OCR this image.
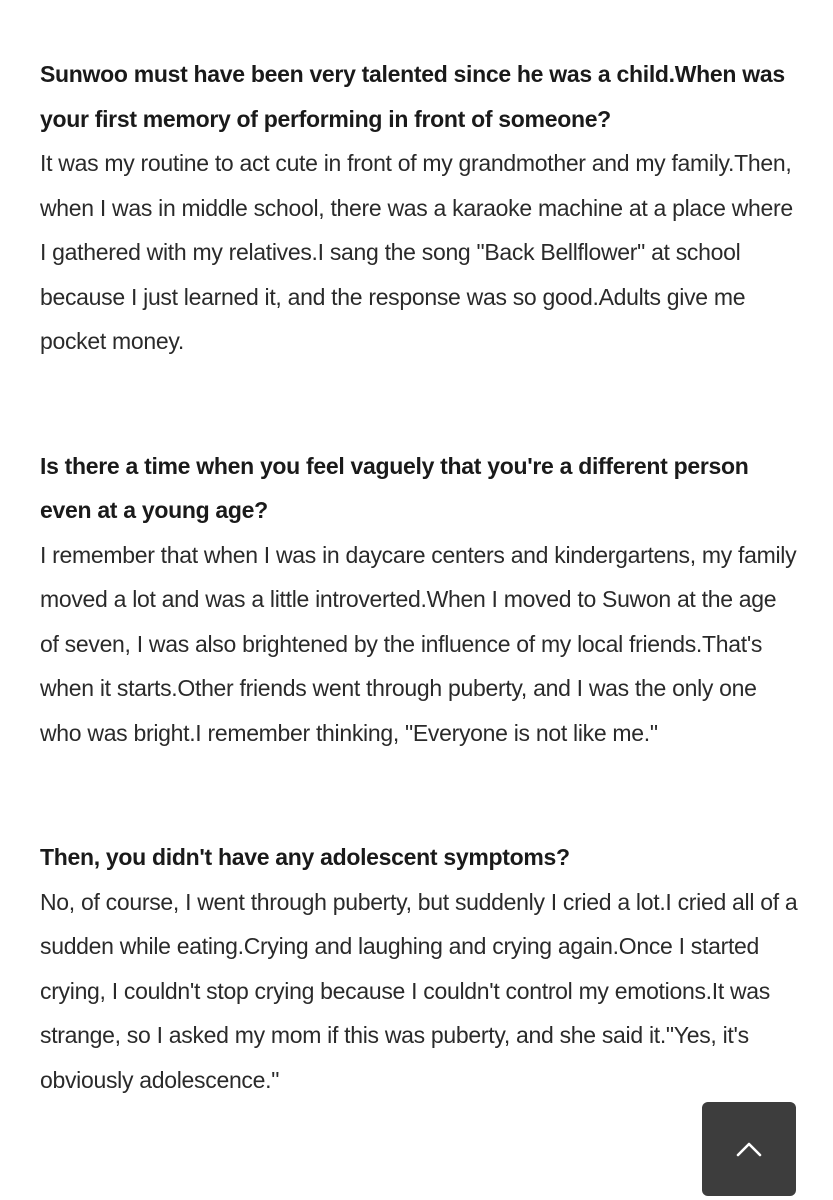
Sunwoo must have been very talented since he was a child.When was your first memory of performing in front of someone?

It was my routine to act cute in front of my grandmother and my family.Then, when I was in middle school, there was a karaoke machine at a place where I gathered with my relatives.I sang the song "Back Bellflower" at school because I just learned it, and the response was so good.Adults give me pocket money.

Is there a time when you feel vaguely that you're a different person even at a young age?

I remember that when I was in daycare centers and kindergartens, my family moved a lot and was a little introverted.When I moved to Suwon at the age of seven, I was also brightened by the influence of my local friends.That's when it starts.Other friends went through puberty, and I was the only one who was bright.I remember thinking, "Everyone is not like me."

Then, you didn't have any adolescent symptoms?

No, of course, I went through puberty, but suddenly I cried a lot.I cried all of a sudden while eating.Crying and laughing and crying again.Once I started crying, I couldn't stop crying because I couldn't control my emotions.It was strange, so I asked my mom if this was puberty, and she said it."Yes, it's obviously adolescence."
